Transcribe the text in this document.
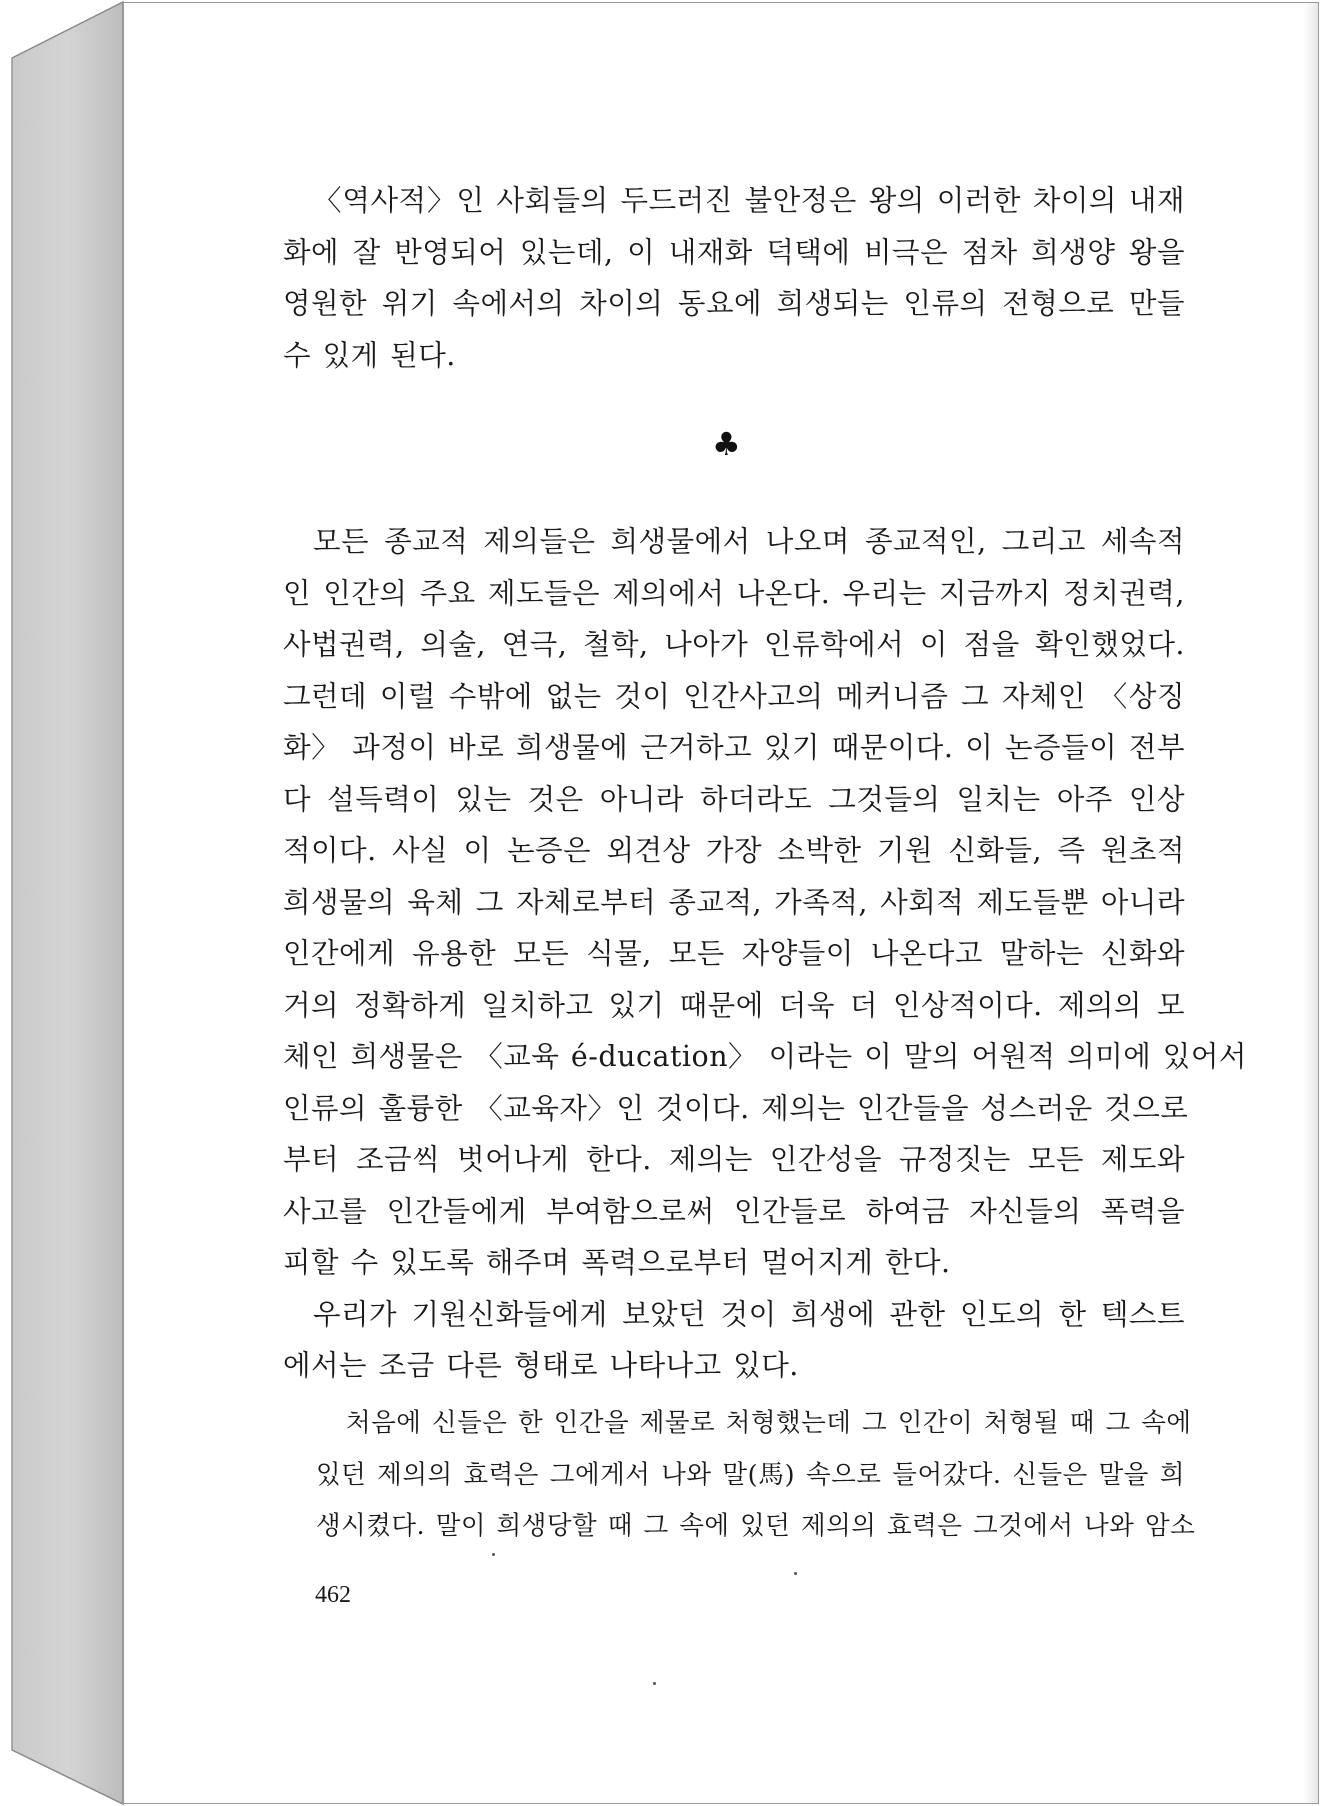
〈역사적〉인 사회들의 두드러진 불안정은 왕의 이러한 차이의 내재
화에 잘 반영되어 있는데, 이 내재화 덕택에 비극은 점차 희생양 왕을
영원한 위기 속에서의 차이의 동요에 희생되는 인류의 전형으로 만들
수 있게 된다.

♣

모든 종교적 제의들은 희생물에서 나오며 종교적인, 그리고 세속적
인 인간의 주요 제도들은 제의에서 나온다. 우리는 지금까지 정치권력,
사법권력, 의술, 연극, 철학, 나아가 인류학에서 이 점을 확인했었다.
그런데 이럴 수밖에 없는 것이 인간사고의 메커니즘 그 자체인 〈상징
화〉 과정이 바로 희생물에 근거하고 있기 때문이다. 이 논증들이 전부
다 설득력이 있는 것은 아니라 하더라도 그것들의 일치는 아주 인상
적이다. 사실 이 논증은 외견상 가장 소박한 기원 신화들, 즉 원초적
희생물의 육체 그 자체로부터 종교적, 가족적, 사회적 제도들뿐 아니라
인간에게 유용한 모든 식물, 모든 자양들이 나온다고 말하는 신화와
거의 정확하게 일치하고 있기 때문에 더욱 더 인상적이다. 제의의 모
체인 희생물은 〈교육 é-ducation〉 이라는 이 말의 어원적 의미에 있어서
인류의 훌륭한 〈교육자〉인 것이다. 제의는 인간들을 성스러운 것으로
부터 조금씩 벗어나게 한다. 제의는 인간성을 규정짓는 모든 제도와
사고를 인간들에게 부여함으로써 인간들로 하여금 자신들의 폭력을
피할 수 있도록 해주며 폭력으로부터 멀어지게 한다.

우리가 기원신화들에게 보았던 것이 희생에 관한 인도의 한 텍스트
에서는 조금 다른 형태로 나타나고 있다.

처음에 신들은 한 인간을 제물로 처형했는데 그 인간이 처형될 때 그 속에
있던 제의의 효력은 그에게서 나와 말(馬) 속으로 들어갔다. 신들은 말을 희
생시켰다. 말이 희생당할 때 그 속에 있던 제의의 효력은 그것에서 나와 암소

462
